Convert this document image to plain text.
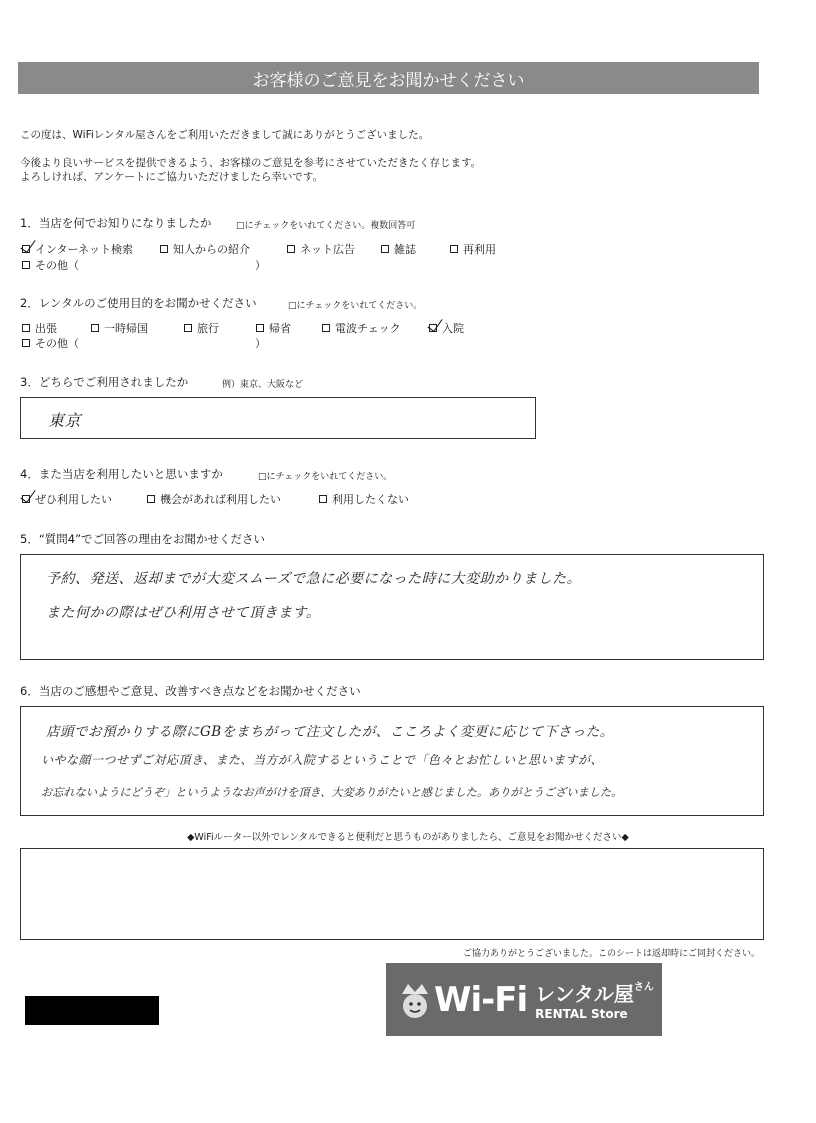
お客様のご意見をお聞かせください
この度は、WiFiレンタル屋さんをご利用いただきまして誠にありがとうございました。
今後より良いサービスを提供できるよう、お客様のご意見を参考にさせていただきたく存じます。
よろしければ、アンケートにご協力いただけましたら幸いです。
1．当店を何でお知りになりましたか	□にチェックをいれてください。複数回答可
インターネット検索	知人からの紹介	ネット広告	雑誌	再利用
その他（	）
2．レンタルのご使用目的をお聞かせください	□にチェックをいれてください。
出張	一時帰国	旅行	帰省	電波チェック	入院
その他（	）
3．どちらでご利用されましたか	例）東京、大阪など
東京
4．また当店を利用したいと思いますか	□にチェックをいれてください。
ぜひ利用したい	機会があれば利用したい	利用したくない
5．“質問4”でご回答の理由をお聞かせください
予約、発送、返却までが大変スムーズで急に必要になった時に大変助かりました。
また何かの際はぜひ利用させて頂きます。
6．当店のご感想やご意見、改善すべき点などをお聞かせください
店頭でお預かりする際にGBをまちがって注文したが、こころよく変更に応じて下さった。
いやな顔一つせずご対応頂き、また、当方が入院するということで「色々とお忙しいと思いますが、
お忘れないようにどうぞ」というようなお声がけを頂き、大変ありがたいと感じました。ありがとうございました。
◆WiFiルーター以外でレンタルできると便利だと思うものがありましたら、ご意見をお聞かせください◆
ご協力ありがとうございました。このシートは返却時にご同封ください。
Wi-Fi レンタル屋$^{さん}$
RENTAL Store
